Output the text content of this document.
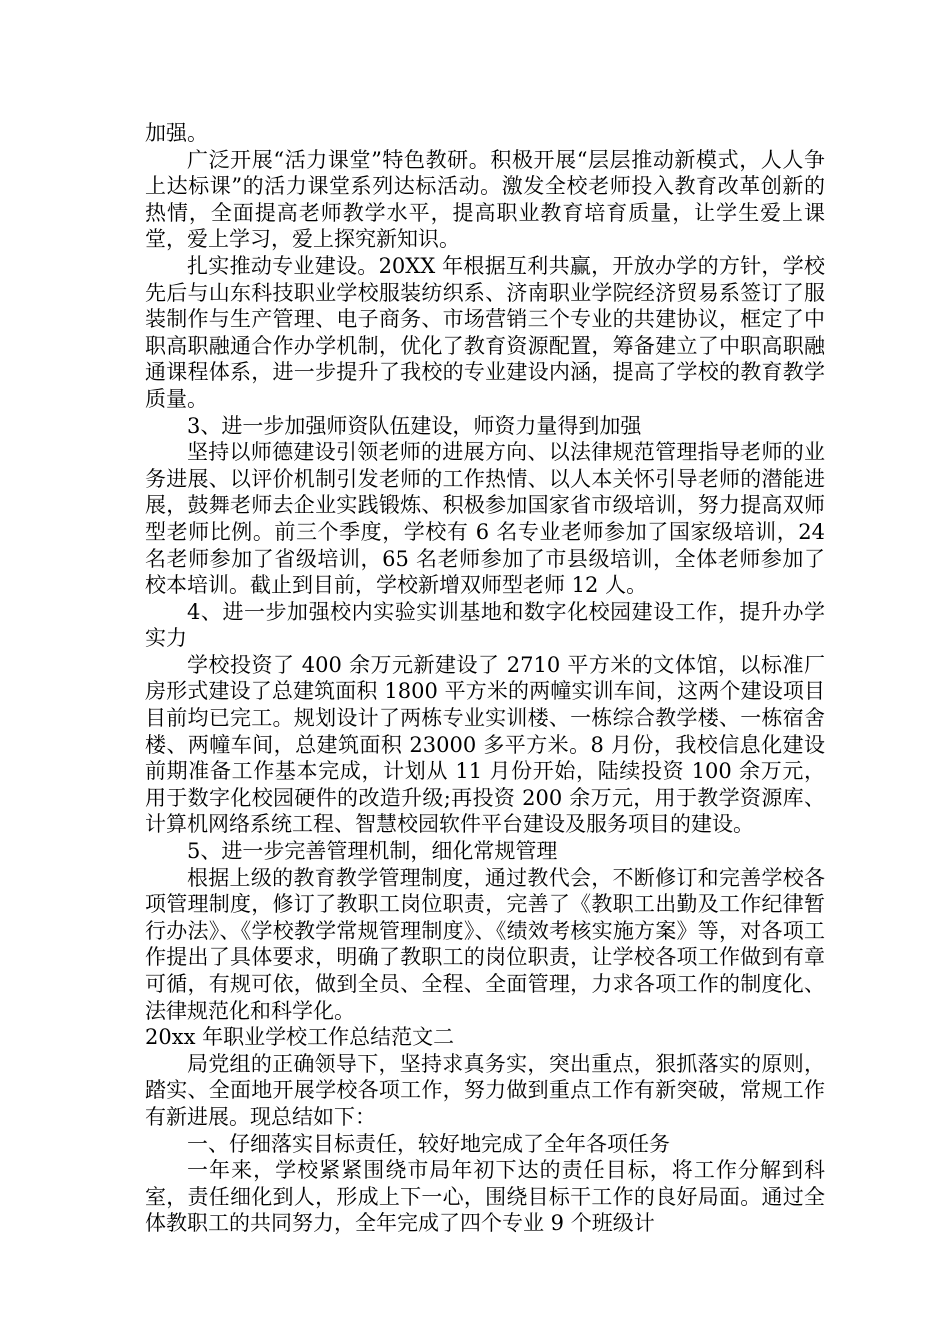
加强。

广泛开展“活力课堂”特色教研。积极开展“层层推动新模式，人人争上达标课”的活力课堂系列达标活动。激发全校老师投入教育改革创新的热情，全面提高老师教学水平，提高职业教育培育质量，让学生爱上课堂，爱上学习，爱上探究新知识。

扎实推动专业建设。20XX 年根据互利共赢，开放办学的方针，学校先后与山东科技职业学校服装纺织系、济南职业学院经济贸易系签订了服装制作与生产管理、电子商务、市场营销三个专业的共建协议，框定了中职高职融通合作办学机制，优化了教育资源配置，筹备建立了中职高职融通课程体系，进一步提升了我校的专业建设内涵，提高了学校的教育教学质量。

3、进一步加强师资队伍建设，师资力量得到加强

坚持以师德建设引领老师的进展方向、以法律规范管理指导老师的业务进展、以评价机制引发老师的工作热情、以人本关怀引导老师的潜能进展，鼓舞老师去企业实践锻炼、积极参加国家省市级培训，努力提高双师型老师比例。前三个季度，学校有 6 名专业老师参加了国家级培训，24 名老师参加了省级培训，65 名老师参加了市县级培训，全体老师参加了校本培训。截止到目前，学校新增双师型老师 12 人。

4、进一步加强校内实验实训基地和数字化校园建设工作，提升办学实力

学校投资了 400 余万元新建设了 2710 平方米的文体馆，以标准厂房形式建设了总建筑面积 1800 平方米的两幢实训车间，这两个建设项目目前均已完工。规划设计了两栋专业实训楼、一栋综合教学楼、一栋宿舍楼、两幢车间，总建筑面积 23000 多平方米。8 月份，我校信息化建设前期准备工作基本完成，计划从 11 月份开始，陆续投资 100 余万元，用于数字化校园硬件的改造升级;再投资 200 余万元，用于教学资源库、计算机网络系统工程、智慧校园软件平台建设及服务项目的建设。

5、进一步完善管理机制，细化常规管理

根据上级的教育教学管理制度，通过教代会，不断修订和完善学校各项管理制度，修订了教职工岗位职责，完善了《教职工出勤及工作纪律暂行办法》、《学校教学常规管理制度》、《绩效考核实施方案》等，对各项工作提出了具体要求，明确了教职工的岗位职责，让学校各项工作做到有章可循，有规可依，做到全员、全程、全面管理，力求各项工作的制度化、法律规范化和科学化。

20xx 年职业学校工作总结范文二

局党组的正确领导下，坚持求真务实，突出重点，狠抓落实的原则，踏实、全面地开展学校各项工作，努力做到重点工作有新突破，常规工作有新进展。现总结如下：

一、仔细落实目标责任，较好地完成了全年各项任务

一年来，学校紧紧围绕市局年初下达的责任目标，将工作分解到科室，责任细化到人，形成上下一心，围绕目标干工作的良好局面。通过全体教职工的共同努力，全年完成了四个专业 9 个班级计
